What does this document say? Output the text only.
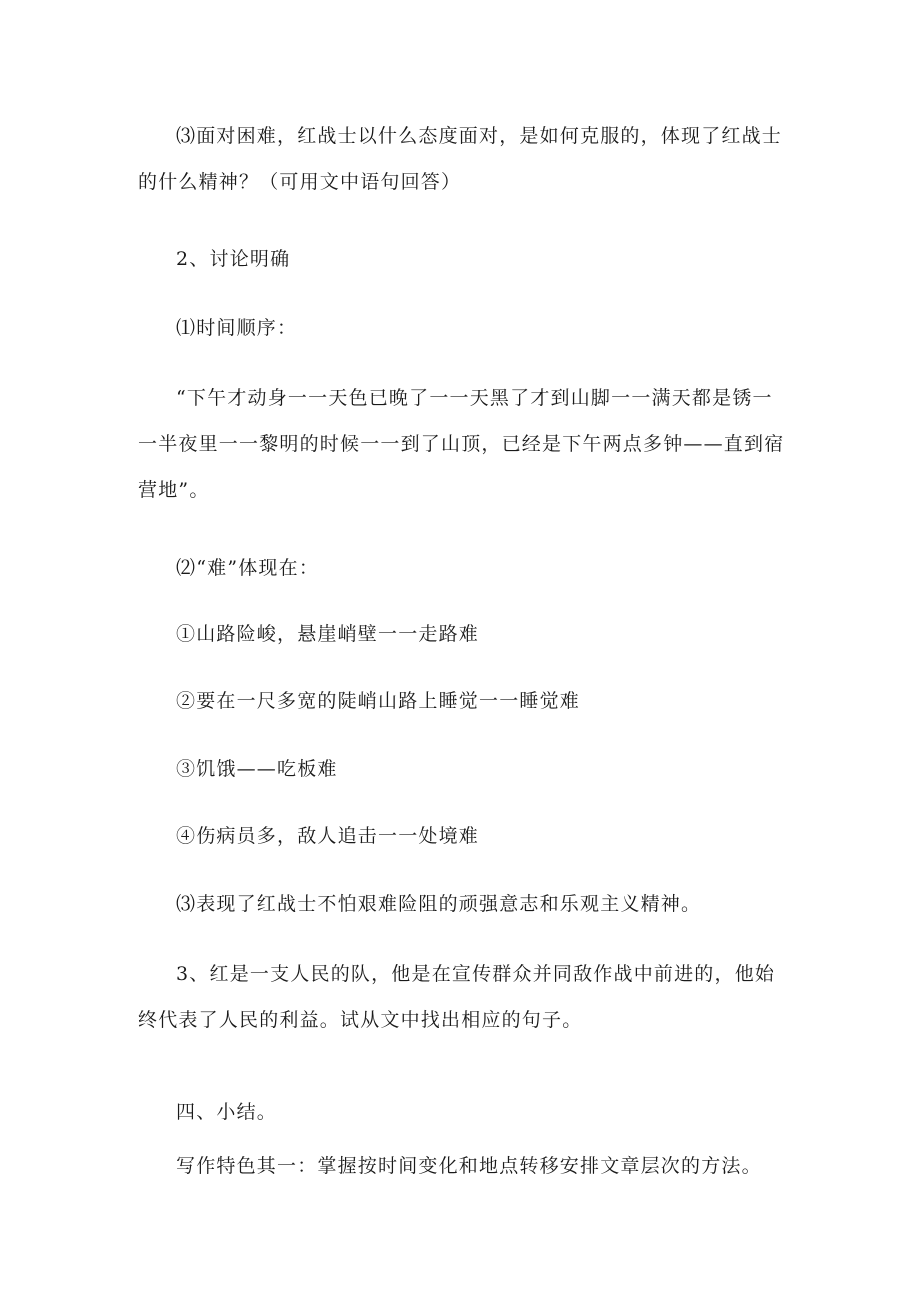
⑶面对困难，红战士以什么态度面对，是如何克服的，体现了红战士的什么精神？（可用文中语句回答）

2、讨论明确

⑴时间顺序：

“下午才动身一一天色已晚了一一天黑了才到山脚一一满天都是锈一一半夜里一一黎明的时候一一到了山顶，已经是下午两点多钟——直到宿营地”。

⑵“难”体现在：

①山路险峻，悬崖峭壁一一走路难

②要在一尺多宽的陡峭山路上睡觉一一睡觉难

③饥饿——吃板难

④伤病员多，敌人追击一一处境难

⑶表现了红战士不怕艰难险阻的顽强意志和乐观主义精神。

3、红是一支人民的队，他是在宣传群众并同敌作战中前进的，他始终代表了人民的利益。试从文中找出相应的句子。

四、小结。

写作特色其一：掌握按时间变化和地点转移安排文章层次的方法。
